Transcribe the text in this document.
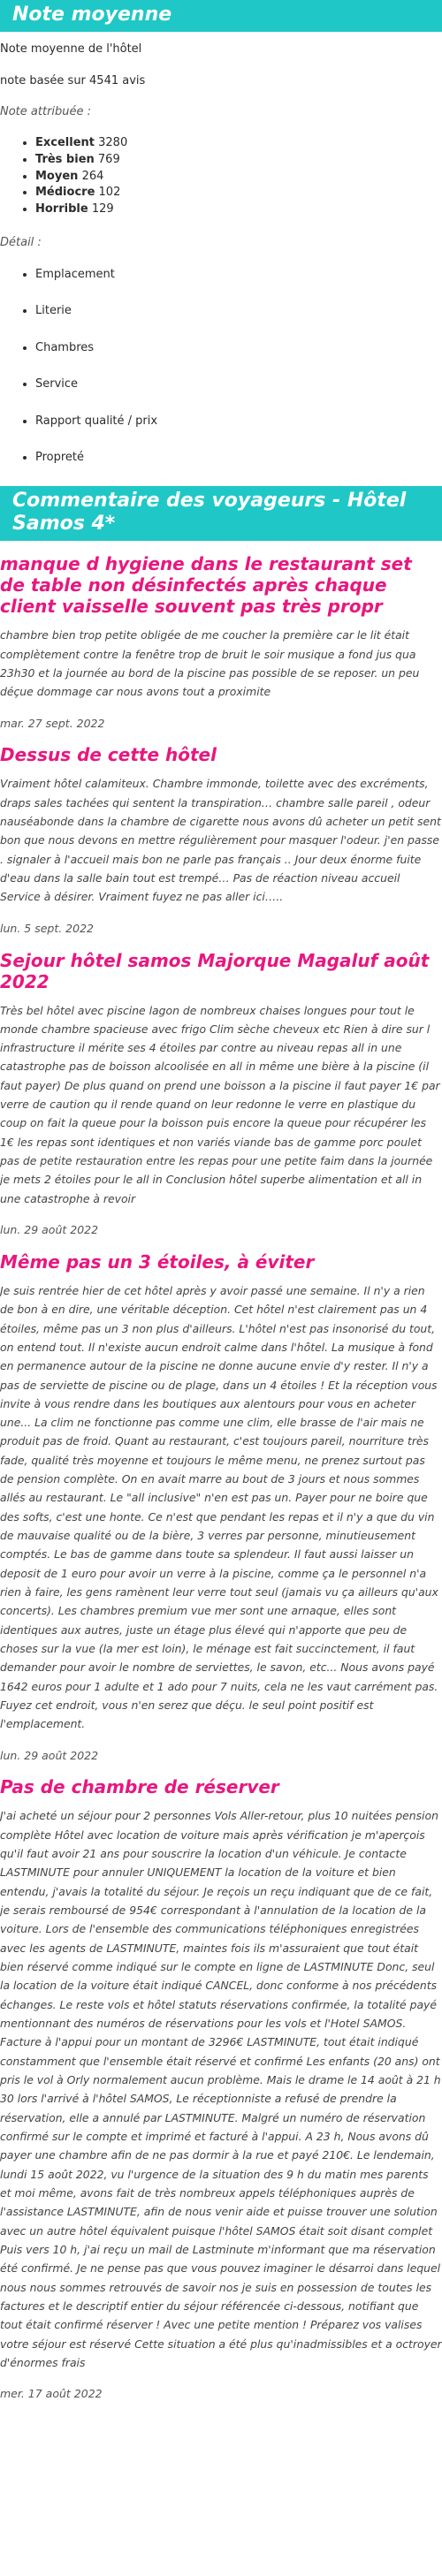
Note moyenne

Note moyenne de l'hôtel

note basée sur 4541 avis

Note attribuée :

• Excellent 3280
• Très bien 769
• Moyen 264
• Médiocre 102
• Horrible 129

Détail :

• Emplacement
• Literie
• Chambres
• Service
• Rapport qualité / prix
• Propreté
Commentaire des voyageurs - Hôtel Samos 4*
manque d hygiene dans le restaurant set de table non désinfectés après chaque client vaisselle souvent pas très propr

chambre bien trop petite obligée de me coucher la première car le lit était complètement contre la fenêtre trop de bruit le soir musique a fond jus qua 23h30 et la journée au bord de la piscine pas possible de se reposer. un peu déçue dommage car nous avons tout a proximite

mar. 27 sept. 2022

Dessus de cette hôtel

Vraiment hôtel calamiteux. Chambre immonde, toilette avec des excréments, draps sales tachées qui sentent la transpiration… chambre salle pareil , odeur nauséabonde dans la chambre de cigarette nous avons dû acheter un petit sent bon que nous devons en mettre régulièrement pour masquer l'odeur. j'en passe . signaler à l'accueil mais bon ne parle pas français .. Jour deux énorme fuite d'eau dans la salle bain tout est trempé… Pas de réaction niveau accueil Service à désirer. Vraiment fuyez ne pas aller ici…..

lun. 5 sept. 2022

Sejour hôtel samos Majorque Magaluf août 2022

Très bel hôtel avec piscine lagon de nombreux chaises longues pour tout le monde chambre spacieuse avec frigo Clim sèche cheveux etc Rien à dire sur l infrastructure il mérite ses 4 étoiles par contre au niveau repas all in une catastrophe pas de boisson alcoolisée en all in même une bière à la piscine (il faut payer) De plus quand on prend une boisson a la piscine il faut payer 1€ par verre de caution qu il rende quand on leur redonne le verre en plastique du coup on fait la queue pour la boisson puis encore la queue pour récupérer les 1€ les repas sont identiques et non variés viande bas de gamme porc poulet pas de petite restauration entre les repas pour une petite faim dans la journée je mets 2 étoiles pour le all in Conclusion hôtel superbe alimentation et all in une catastrophe à revoir

lun. 29 août 2022

Même pas un 3 étoiles, à éviter

Je suis rentrée hier de cet hôtel après y avoir passé une semaine. Il n'y a rien de bon à en dire, une véritable déception. Cet hôtel n'est clairement pas un 4 étoiles, même pas un 3 non plus d'ailleurs. L'hôtel n'est pas insonorisé du tout, on entend tout. Il n'existe aucun endroit calme dans l'hôtel. La musique à fond en permanence autour de la piscine ne donne aucune envie d'y rester. Il n'y a pas de serviette de piscine ou de plage, dans un 4 étoiles ! Et la réception vous invite à vous rendre dans les boutiques aux alentours pour vous en acheter une... La clim ne fonctionne pas comme une clim, elle brasse de l'air mais ne produit pas de froid. Quant au restaurant, c'est toujours pareil, nourriture très fade, qualité très moyenne et toujours le même menu, ne prenez surtout pas de pension complète. On en avait marre au bout de 3 jours et nous sommes allés au restaurant. Le "all inclusive" n'en est pas un. Payer pour ne boire que des softs, c'est une honte. Ce n'est que pendant les repas et il n'y a que du vin de mauvaise qualité ou de la bière, 3 verres par personne, minutieusement comptés. Le bas de gamme dans toute sa splendeur. Il faut aussi laisser un deposit de 1 euro pour avoir un verre à la piscine, comme ça le personnel n'a rien à faire, les gens ramènent leur verre tout seul (jamais vu ça ailleurs qu'aux concerts). Les chambres premium vue mer sont une arnaque, elles sont identiques aux autres, juste un étage plus élevé qui n'apporte que peu de choses sur la vue (la mer est loin), le ménage est fait succinctement, il faut demander pour avoir le nombre de serviettes, le savon, etc... Nous avons payé 1642 euros pour 1 adulte et 1 ado pour 7 nuits, cela ne les vaut carrément pas. Fuyez cet endroit, vous n'en serez que déçu. le seul point positif est l'emplacement.

lun. 29 août 2022

Pas de chambre de réserver

J'ai acheté un séjour pour 2 personnes Vols Aller-retour, plus 10 nuitées pension complète Hôtel avec location de voiture mais après vérification je m'aperçois qu'il faut avoir 21 ans pour souscrire la location d'un véhicule. Je contacte LASTMINUTE pour annuler UNIQUEMENT la location de la voiture et bien entendu, j'avais la totalité du séjour. Je reçois un reçu indiquant que de ce fait, je serais remboursé de 954€ correspondant à l'annulation de la location de la voiture. Lors de l'ensemble des communications téléphoniques enregistrées avec les agents de LASTMINUTE, maintes fois ils m'assuraient que tout était bien réservé comme indiqué sur le compte en ligne de LASTMINUTE Donc, seul la location de la voiture était indiqué CANCEL, donc conforme à nos précédents échanges. Le reste vols et hôtel statuts réservations confirmée, la totalité payé mentionnant des numéros de réservations pour les vols et l'Hotel SAMOS. Facture à l'appui pour un montant de 3296€ LASTMINUTE, tout était indiqué constamment que l'ensemble était réservé et confirmé Les enfants (20 ans) ont pris le vol à Orly normalement aucun problème. Mais le drame le 14 août à 21 h 30 lors l'arrivé à l'hôtel SAMOS, Le réceptionniste a refusé de prendre la réservation, elle a annulé par LASTMINUTE. Malgré un numéro de réservation confirmé sur le compte et imprimé et facturé à l'appui. A 23 h, Nous avons dû payer une chambre afin de ne pas dormir à la rue et payé 210€. Le lendemain, lundi 15 août 2022, vu l'urgence de la situation des 9 h du matin mes parents et moi même, avons fait de très nombreux appels téléphoniques auprès de l'assistance LASTMINUTE, afin de nous venir aide et puisse trouver une solution avec un autre hôtel équivalent puisque l'hôtel SAMOS était soit disant complet Puis vers 10 h, j'ai reçu un mail de Lastminute m'informant que ma réservation été confirmé. Je ne pense pas que vous pouvez imaginer le désarroi dans lequel nous nous sommes retrouvés de savoir nos je suis en possession de toutes les factures et le descriptif entier du séjour référencée ci-dessous, notifiant que tout était confirmé réserver ! Avec une petite mention ! Préparez vos valises votre séjour est réservé Cette situation a été plus qu'inadmissibles et a octroyer d'énormes frais

mer. 17 août 2022
